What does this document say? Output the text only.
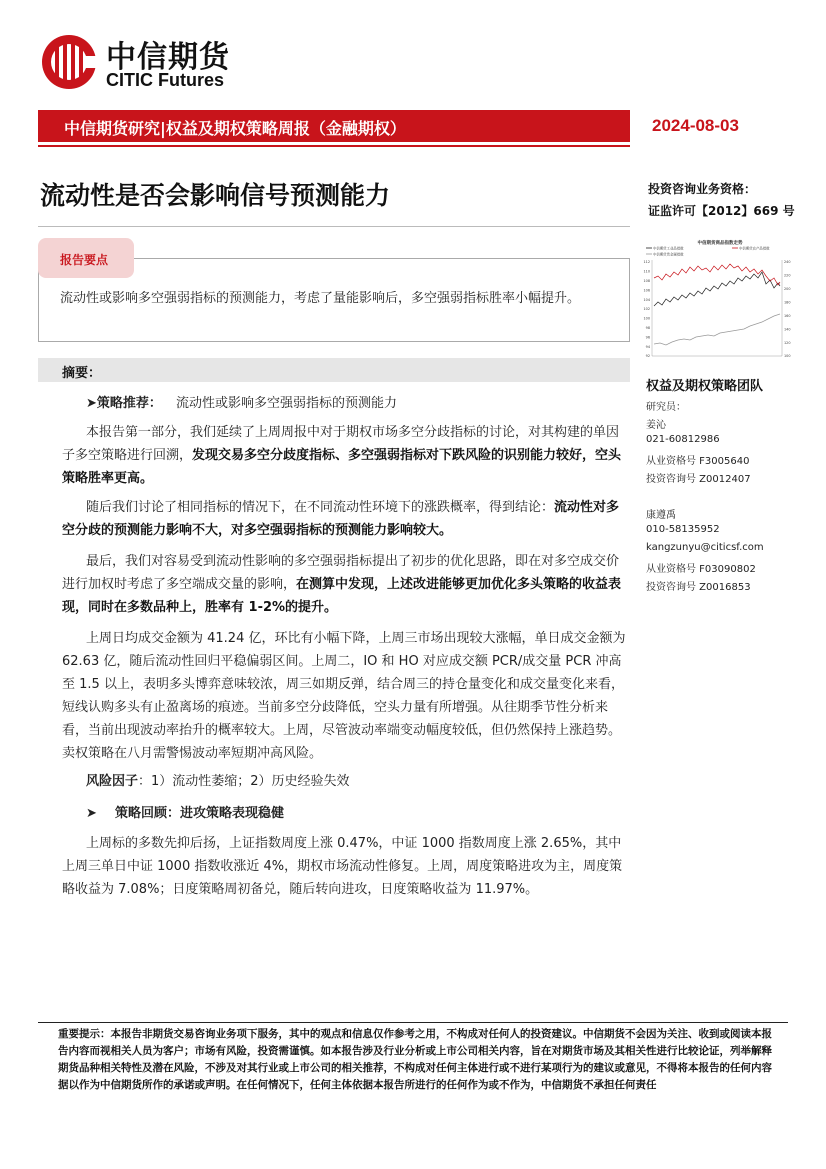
中信期货
CITIC Futures
中信期货研究|权益及期权策略周报（金融期权）	2024-08-03
流动性是否会影响信号预测能力	投资咨询业务资格：
证监许可【2012】669 号
报告要点
流动性或影响多空强弱指标的预测能力，考虑了量能影响后，多空强弱指标胜率小幅提升。
中信期货商品指数走势
中信期货工业品指数	中信期货农产品指数
中信期货贵金属指数
112
110
108
106
104
102
100
98
96
94
92
240
220
200
180
160
140
120
100
摘要：
➤策略推荐： 流动性或影响多空强弱指标的预测能力
本报告第一部分，我们延续了上周周报中对于期权市场多空分歧指标的讨论，对其构建的单因子多空策略进行回溯，发现交易多空分歧度指标、多空强弱指标对下跌风险的识别能力较好，空头策略胜率更高。
随后我们讨论了相同指标的情况下，在不同流动性环境下的涨跌概率，得到结论：流动性对多空分歧的预测能力影响不大，对多空强弱指标的预测能力影响较大。
最后，我们对容易受到流动性影响的多空强弱指标提出了初步的优化思路，即在对多空成交价进行加权时考虑了多空端成交量的影响，在测算中发现，上述改进能够更加优化多头策略的收益表现，同时在多数品种上，胜率有 1-2%的提升。
上周日均成交金额为 41.24 亿，环比有小幅下降，上周三市场出现较大涨幅，单日成交金额为 62.63 亿，随后流动性回归平稳偏弱区间。上周二，IO 和 HO 对应成交额 PCR/成交量 PCR 冲高至 1.5 以上，表明多头博弈意味较浓，周三如期反弹，结合周三的持仓量变化和成交量变化来看，短线认购多头有止盈离场的痕迹。当前多空分歧降低，空头力量有所增强。从往期季节性分析来看，当前出现波动率抬升的概率较大。上周，尽管波动率端变动幅度较低，但仍然保持上涨趋势。卖权策略在八月需警惕波动率短期冲高风险。
风险因子：1）流动性萎缩；2）历史经验失效
➤ 策略回顾：进攻策略表现稳健
上周标的多数先抑后扬，上证指数周度上涨 0.47%，中证 1000 指数周度上涨 2.65%，其中上周三单日中证 1000 指数收涨近 4%，期权市场流动性修复。上周，周度策略进攻为主，周度策略收益为 7.08%；日度策略周初备兑，随后转向进攻，日度策略收益为 11.97%。
权益及期权策略团队
研究员：
姜沁
021-60812986
从业资格号 F3005640
投资咨询号 Z0012407
康遵禹
010-58135952
kangzunyu@citicsf.com
从业资格号 F03090802
投资咨询号 Z0016853
重要提示：本报告非期货交易咨询业务项下服务，其中的观点和信息仅作参考之用，不构成对任何人的投资建议。中信期货不会因为关注、收到或阅读本报告内容而视相关人员为客户；市场有风险，投资需谨慎。如本报告涉及行业分析或上市公司相关内容，旨在对期货市场及其相关性进行比较论证，列举解释期货品种相关特性及潜在风险，不涉及对其行业或上市公司的相关推荐，不构成对任何主体进行或不进行某项行为的建议或意见，不得将本报告的任何内容据以作为中信期货所作的承诺或声明。在任何情况下，任何主体依据本报告所进行的任何作为或不作为，中信期货不承担任何责任
